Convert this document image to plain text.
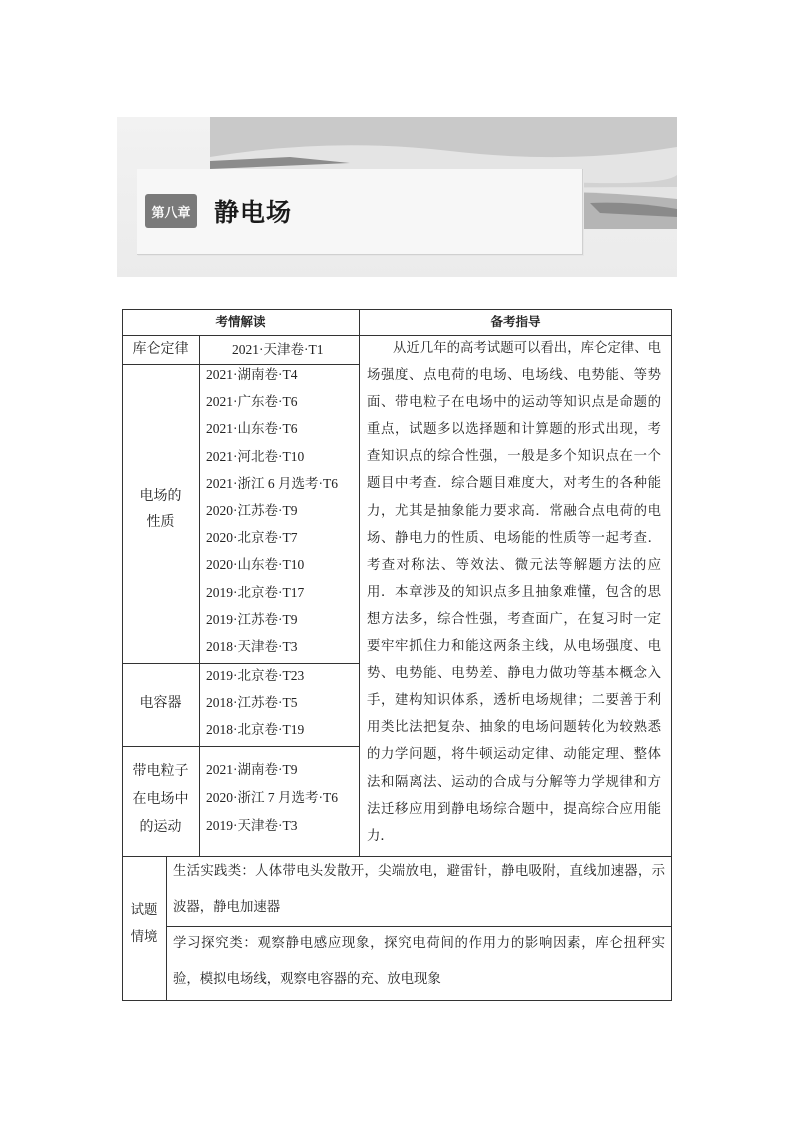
第八章 静电场
考情解读	备考指导
库仑定律	2021·天津卷·T1
电场的
性质
2021·湖南卷·T4
2021·广东卷·T6
2021·山东卷·T6
2021·河北卷·T10
2021·浙江 6 月选考·T6
2020·江苏卷·T9
2020·北京卷·T7
2020·山东卷·T10
2019·北京卷·T17
2019·江苏卷·T9
2018·天津卷·T3
电容器
2019·北京卷·T23
2018·江苏卷·T5
2018·北京卷·T19
带电粒子
在电场中
的运动
2021·湖南卷·T9
2020·浙江 7 月选考·T6
2019·天津卷·T3
从近几年的高考试题可以看出，库仑定律、电场强度、点电荷的电场、电场线、电势能、等势面、带电粒子在电场中的运动等知识点是命题的重点，试题多以选择题和计算题的形式出现，考查知识点的综合性强，一般是多个知识点在一个题目中考查．综合题目难度大，对考生的各种能力，尤其是抽象能力要求高．常融合点电荷的电场、静电力的性质、电场能的性质等一起考查．考查对称法、等效法、微元法等解题方法的应用．本章涉及的知识点多且抽象难懂，包含的思想方法多，综合性强，考查面广，在复习时一定要牢牢抓住力和能这两条主线，从电场强度、电势、电势能、电势差、静电力做功等基本概念入手，建构知识体系，透析电场规律；二要善于利用类比法把复杂、抽象的电场问题转化为较熟悉的力学问题，将牛顿运动定律、动能定理、整体法和隔离法、运动的合成与分解等力学规律和方法迁移应用到静电场综合题中，提高综合应用能力．
试题
情境
生活实践类：人体带电头发散开，尖端放电，避雷针，静电吸附，直线加速器，示波器，静电加速器
学习探究类：观察静电感应现象，探究电荷间的作用力的影响因素，库仑扭秤实验，模拟电场线，观察电容器的充、放电现象
